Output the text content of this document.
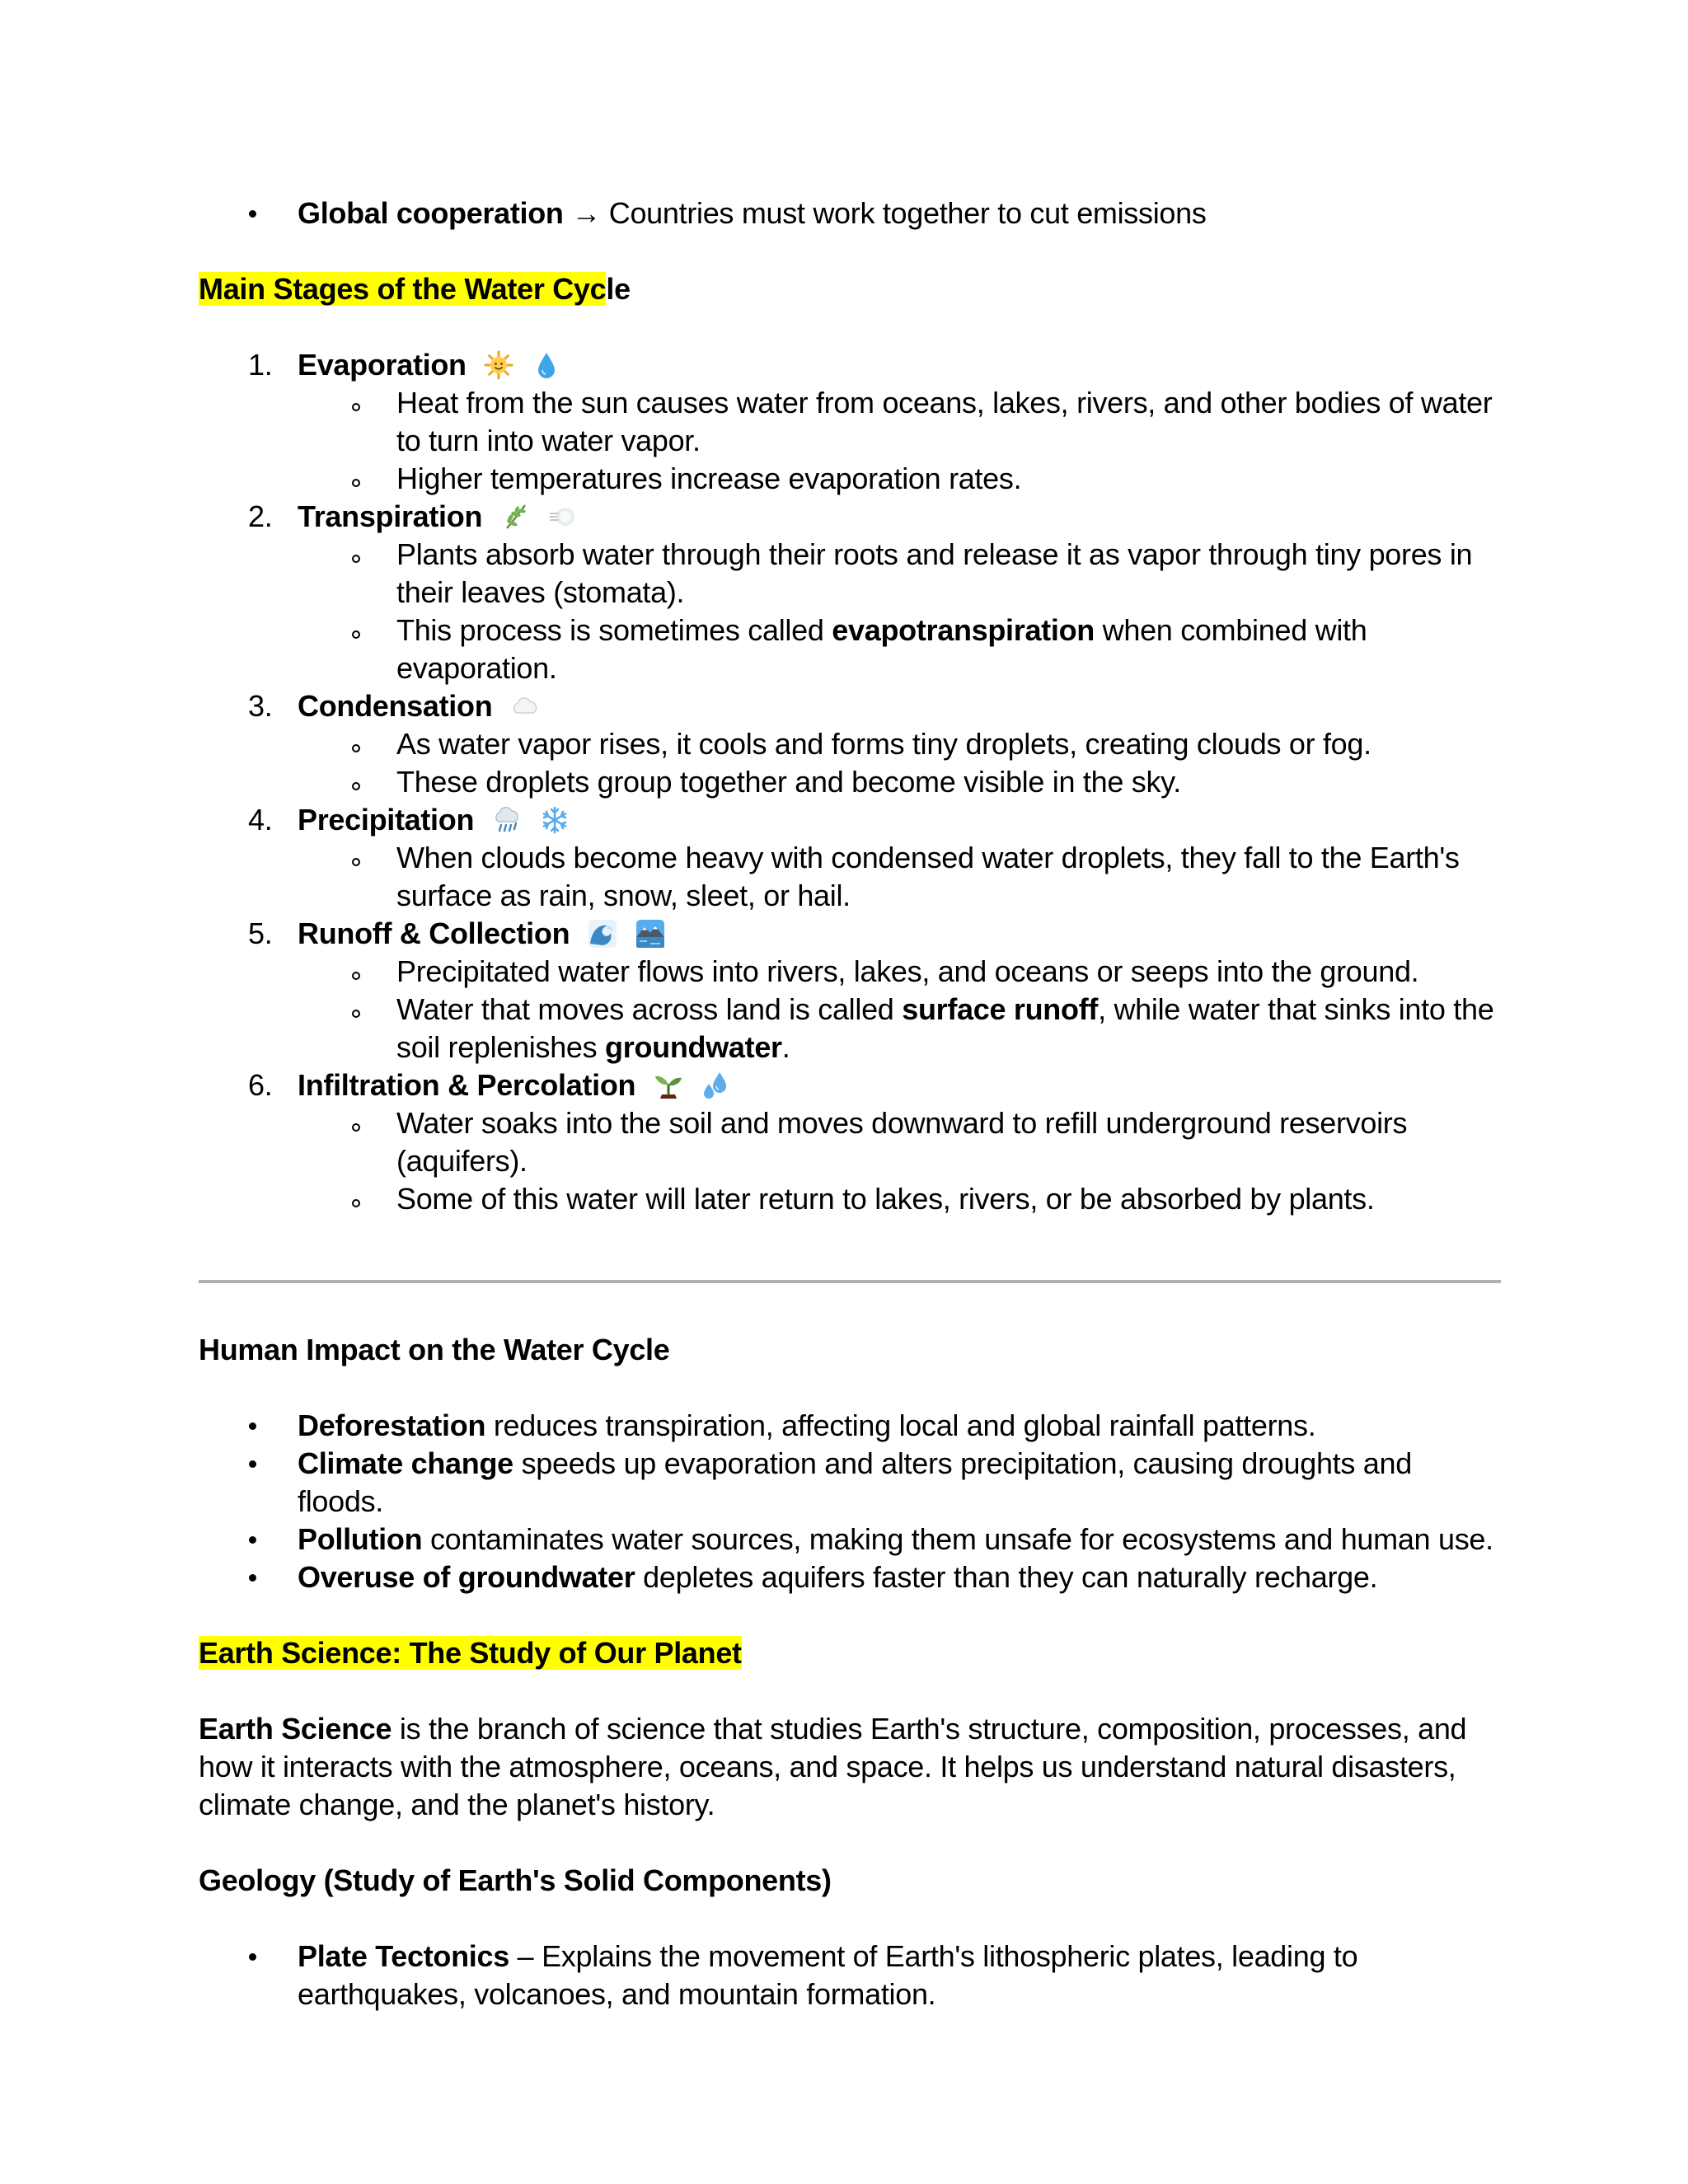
Global cooperation → Countries must work together to cut emissions
Main Stages of the Water Cycle
1. Evaporation
Heat from the sun causes water from oceans, lakes, rivers, and other bodies of water to turn into water vapor.
Higher temperatures increase evaporation rates.
2. Transpiration
Plants absorb water through their roots and release it as vapor through tiny pores in their leaves (stomata).
This process is sometimes called evapotranspiration when combined with evaporation.
3. Condensation
As water vapor rises, it cools and forms tiny droplets, creating clouds or fog.
These droplets group together and become visible in the sky.
4. Precipitation
When clouds become heavy with condensed water droplets, they fall to the Earth's surface as rain, snow, sleet, or hail.
5. Runoff & Collection
Precipitated water flows into rivers, lakes, and oceans or seeps into the ground.
Water that moves across land is called surface runoff, while water that sinks into the soil replenishes groundwater.
6. Infiltration & Percolation
Water soaks into the soil and moves downward to refill underground reservoirs (aquifers).
Some of this water will later return to lakes, rivers, or be absorbed by plants.
Human Impact on the Water Cycle
Deforestation reduces transpiration, affecting local and global rainfall patterns.
Climate change speeds up evaporation and alters precipitation, causing droughts and floods.
Pollution contaminates water sources, making them unsafe for ecosystems and human use.
Overuse of groundwater depletes aquifers faster than they can naturally recharge.
Earth Science: The Study of Our Planet

Earth Science is the branch of science that studies Earth's structure, composition, processes, and how it interacts with the atmosphere, oceans, and space. It helps us understand natural disasters, climate change, and the planet's history.

Geology (Study of Earth's Solid Components)
Plate Tectonics – Explains the movement of Earth's lithospheric plates, leading to earthquakes, volcanoes, and mountain formation.
